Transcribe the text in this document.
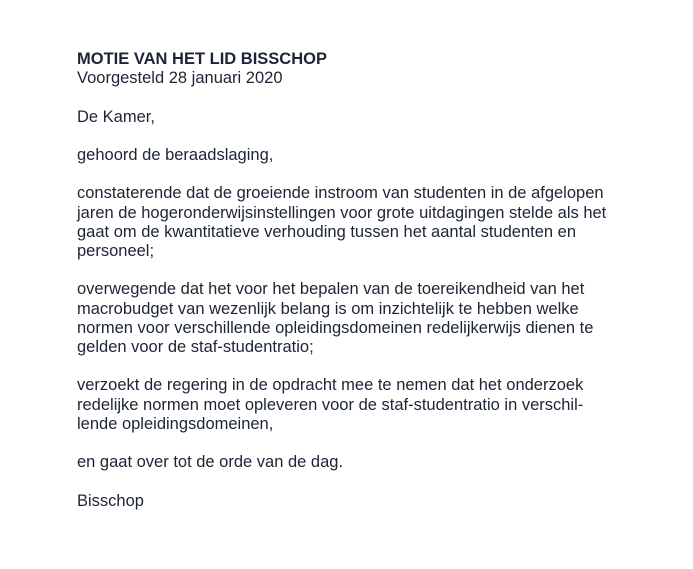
MOTIE VAN HET LID BISSCHOP

Voorgesteld 28 januari 2020

De Kamer,

gehoord de beraadslaging,

constaterende dat de groeiende instroom van studenten in de afgelopen
jaren de hogeronderwijsinstellingen voor grote uitdagingen stelde als het
gaat om de kwantitatieve verhouding tussen het aantal studenten en
personeel;

overwegende dat het voor het bepalen van de toereikendheid van het
macrobudget van wezenlijk belang is om inzichtelijk te hebben welke
normen voor verschillende opleidingsdomeinen redelijkerwijs dienen te
gelden voor de staf-studentratio;

verzoekt de regering in de opdracht mee te nemen dat het onderzoek
redelijke normen moet opleveren voor de staf-studentratio in verschil-
lende opleidingsdomeinen,

en gaat over tot de orde van de dag.

Bisschop
